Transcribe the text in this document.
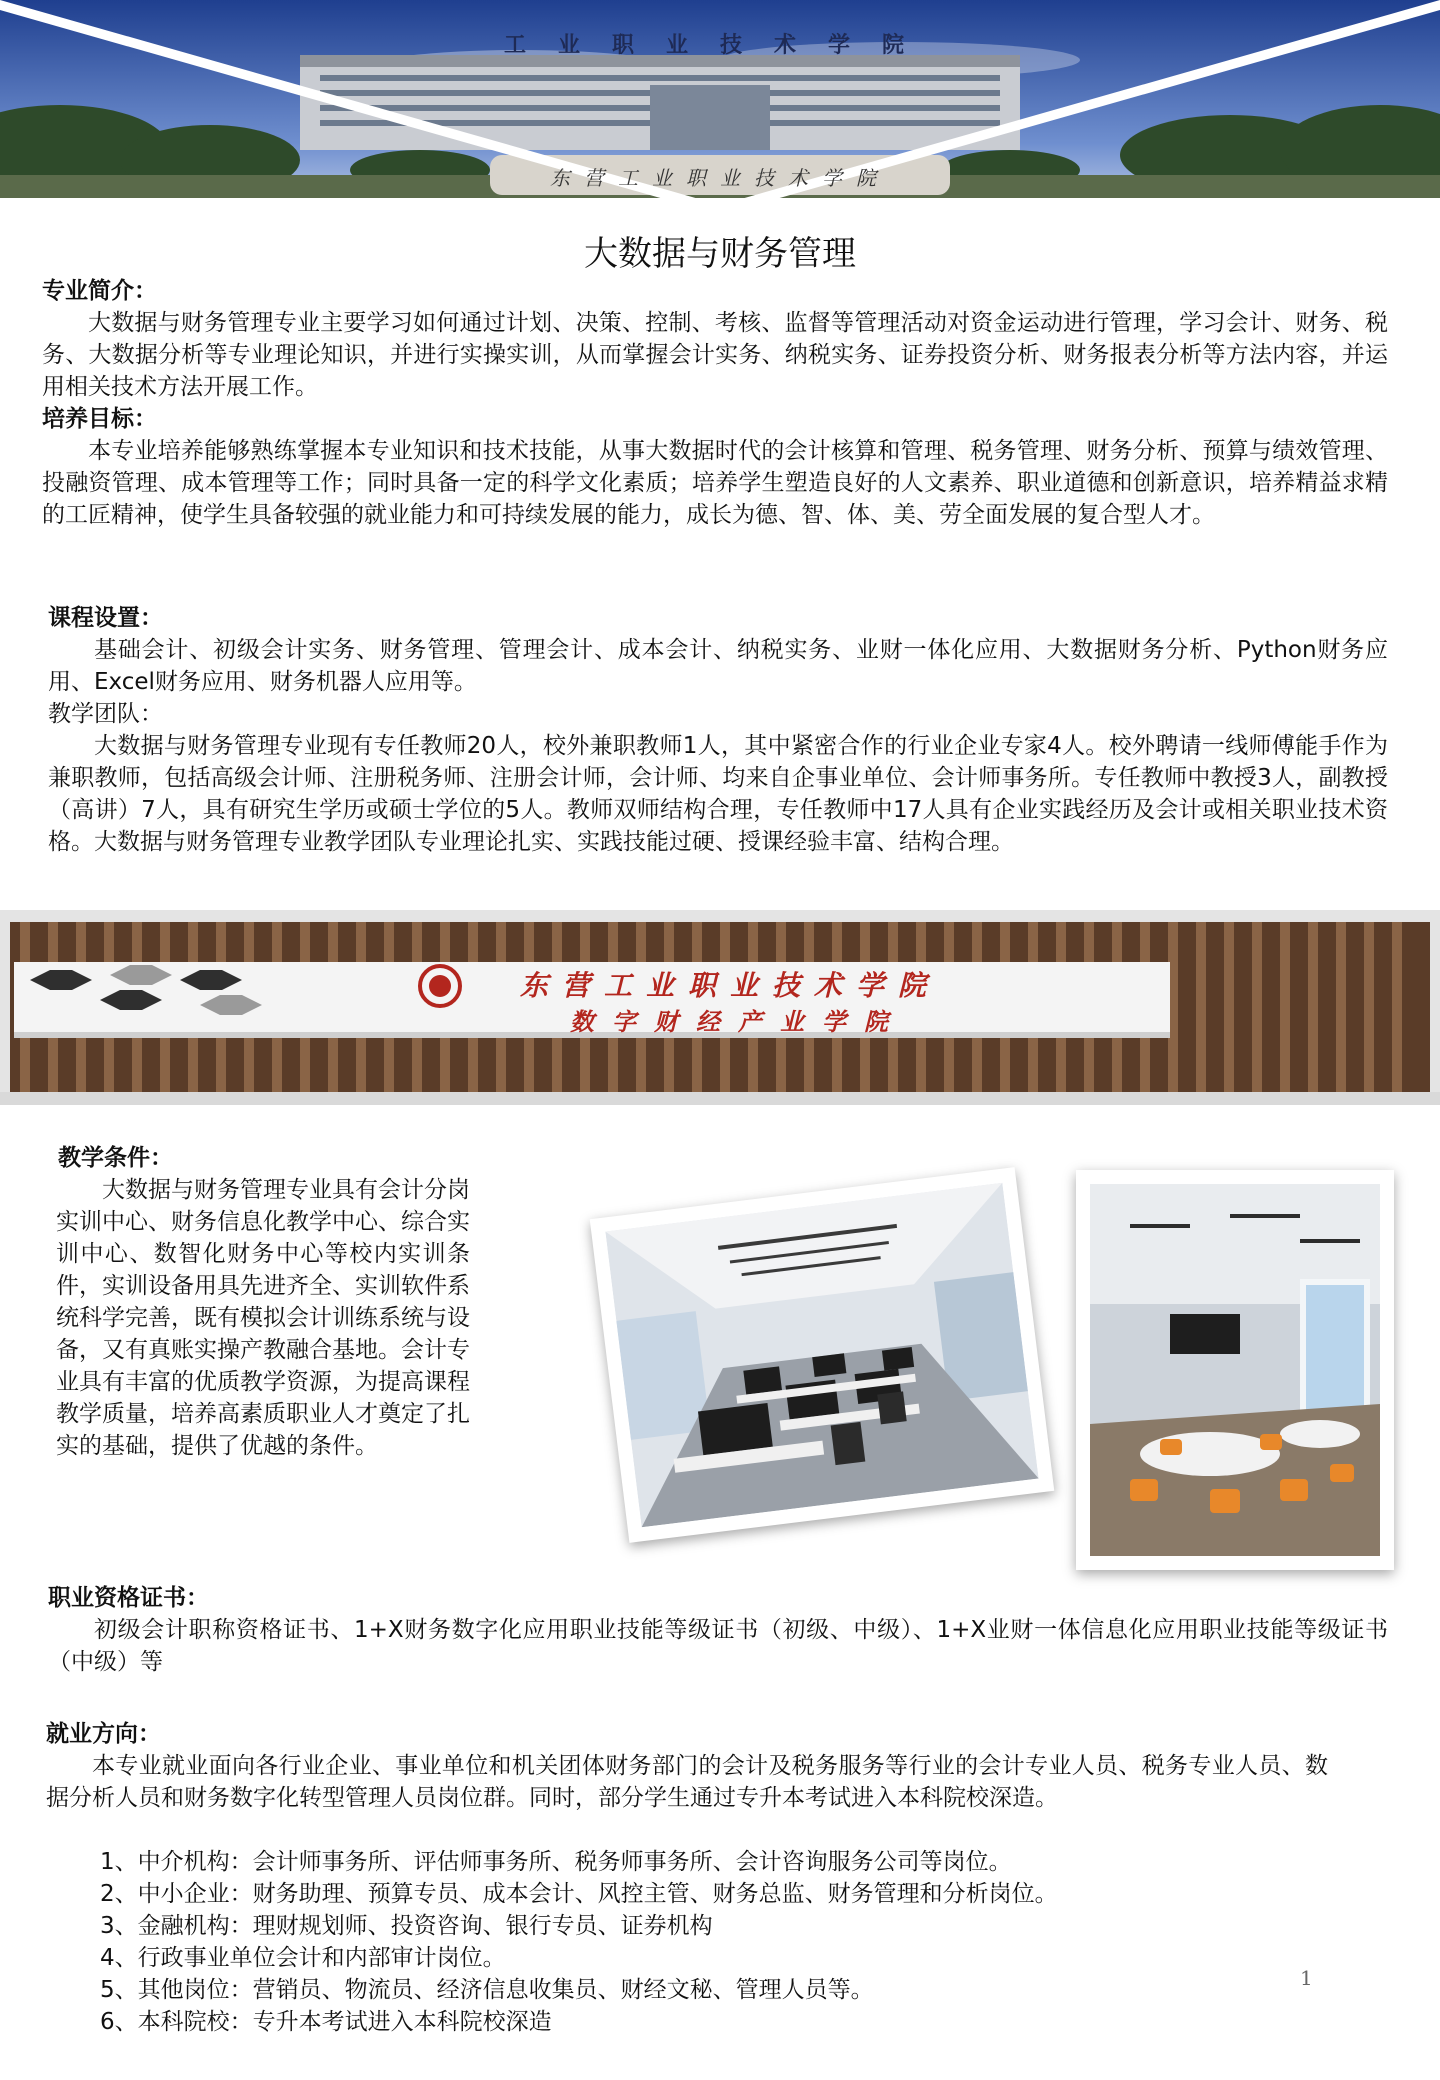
工业职业技术学院
东营工业职业技术学院
大数据与财务管理
专业简介：

大数据与财务管理专业主要学习如何通过计划、决策、控制、考核、监督等管理活动对资金运动进行管理，学习会计、财务、税务、大数据分析等专业理论知识，并进行实操实训，从而掌握会计实务、纳税实务、证券投资分析、财务报表分析等方法内容，并运用相关技术方法开展工作。

培养目标：

本专业培养能够熟练掌握本专业知识和技术技能，从事大数据时代的会计核算和管理、税务管理、财务分析、预算与绩效管理、投融资管理、成本管理等工作；同时具备一定的科学文化素质；培养学生塑造良好的人文素养、职业道德和创新意识，培养精益求精的工匠精神，使学生具备较强的就业能力和可持续发展的能力，成长为德、智、体、美、劳全面发展的复合型人才。

课程设置：

基础会计、初级会计实务、财务管理、管理会计、成本会计、纳税实务、业财一体化应用、大数据财务分析、Python财务应用、Excel财务应用、财务机器人应用等。

教学团队：

大数据与财务管理专业现有专任教师20人，校外兼职教师1人，其中紧密合作的行业企业专家4人。校外聘请一线师傅能手作为兼职教师，包括高级会计师、注册税务师、注册会计师，会计师、均来自企事业单位、会计师事务所。专任教师中教授3人，副教授（高讲）7人，具有研究生学历或硕士学位的5人。教师双师结构合理，专任教师中17人具有企业实践经历及会计或相关职业技术资格。大数据与财务管理专业教学团队专业理论扎实、实践技能过硬、授课经验丰富、结构合理。

东营工业职业技术学院
数字财经产业学院
教学条件：

大数据与财务管理专业具有会计分岗实训中心、财务信息化教学中心、综合实训中心、数智化财务中心等校内实训条件，实训设备用具先进齐全、实训软件系统科学完善，既有模拟会计训练系统与设备，又有真账实操产教融合基地。会计专业具有丰富的优质教学资源，为提高课程教学质量，培养高素质职业人才奠定了扎实的基础，提供了优越的条件。

职业资格证书：

初级会计职称资格证书、1+X财务数字化应用职业技能等级证书（初级、中级）、1+X业财一体信息化应用职业技能等级证书（中级）等

就业方向：

本专业就业面向各行业企业、事业单位和机关团体财务部门的会计及税务服务等行业的会计专业人员、税务专业人员、数据分析人员和财务数字化转型管理人员岗位群。同时，部分学生通过专升本考试进入本科院校深造。

1、中介机构：会计师事务所、评估师事务所、税务师事务所、会计咨询服务公司等岗位。
2、中小企业：财务助理、预算专员、成本会计、风控主管、财务总监、财务管理和分析岗位。
3、金融机构：理财规划师、投资咨询、银行专员、证券机构
4、行政事业单位会计和内部审计岗位。
5、其他岗位：营销员、物流员、经济信息收集员、财经文秘、管理人员等。
6、本科院校：专升本考试进入本科院校深造
1
